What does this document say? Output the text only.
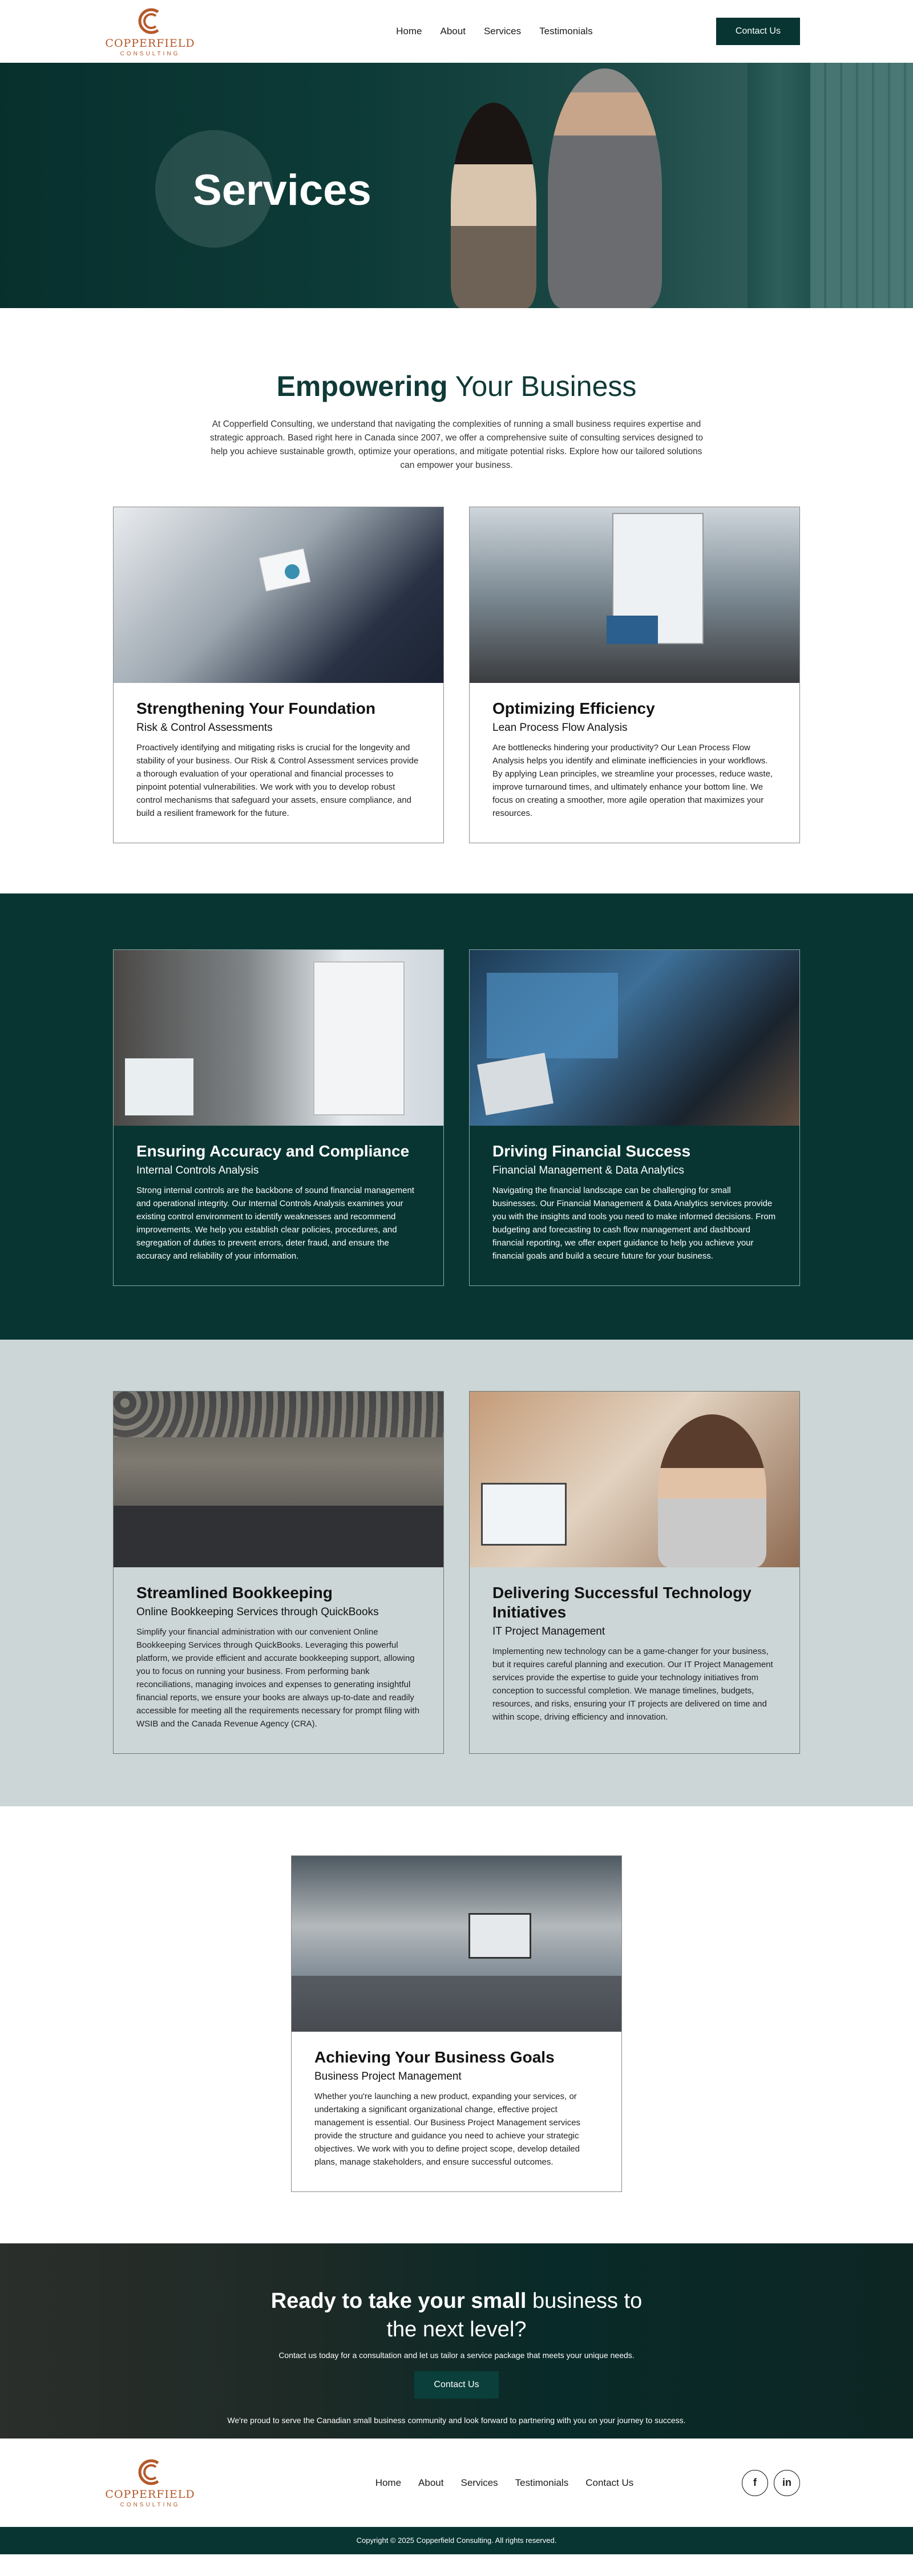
COPPERFIELD
CONSULTING
Home About Services Testimonials	Contact Us
Services
Empowering Your Business

At Copperfield Consulting, we understand that navigating the complexities of running a small business requires expertise and strategic approach. Based right here in Canada since 2007, we offer a comprehensive suite of consulting services designed to help you achieve sustainable growth, optimize your operations, and mitigate potential risks. Explore how our tailored solutions can empower your business.

Strengthening Your Foundation
Risk & Control Assessments

Proactively identifying and mitigating risks is crucial for the longevity and stability of your business. Our Risk & Control Assessment services provide a thorough evaluation of your operational and financial processes to pinpoint potential vulnerabilities. We work with you to develop robust control mechanisms that safeguard your assets, ensure compliance, and build a resilient framework for the future.

Optimizing Efficiency
Lean Process Flow Analysis

Are bottlenecks hindering your productivity? Our Lean Process Flow Analysis helps you identify and eliminate inefficiencies in your workflows. By applying Lean principles, we streamline your processes, reduce waste, improve turnaround times, and ultimately enhance your bottom line. We focus on creating a smoother, more agile operation that maximizes your resources.

Ensuring Accuracy and Compliance
Internal Controls Analysis

Strong internal controls are the backbone of sound financial management and operational integrity. Our Internal Controls Analysis examines your existing control environment to identify weaknesses and recommend improvements. We help you establish clear policies, procedures, and segregation of duties to prevent errors, deter fraud, and ensure the accuracy and reliability of your information.

Driving Financial Success
Financial Management & Data Analytics

Navigating the financial landscape can be challenging for small businesses. Our Financial Management & Data Analytics services provide you with the insights and tools you need to make informed decisions. From budgeting and forecasting to cash flow management and dashboard financial reporting, we offer expert guidance to help you achieve your financial goals and build a secure future for your business.

Streamlined Bookkeeping
Online Bookkeeping Services through QuickBooks

Simplify your financial administration with our convenient Online Bookkeeping Services through QuickBooks. Leveraging this powerful platform, we provide efficient and accurate bookkeeping support, allowing you to focus on running your business. From performing bank reconciliations, managing invoices and expenses to generating insightful financial reports, we ensure your books are always up-to-date and readily accessible for meeting all the requirements necessary for prompt filing with WSIB and the Canada Revenue Agency (CRA).

Delivering Successful Technology Initiatives
IT Project Management

Implementing new technology can be a game-changer for your business, but it requires careful planning and execution. Our IT Project Management services provide the expertise to guide your technology initiatives from conception to successful completion. We manage timelines, budgets, resources, and risks, ensuring your IT projects are delivered on time and within scope, driving efficiency and innovation.

Achieving Your Business Goals
Business Project Management

Whether you're launching a new product, expanding your services, or undertaking a significant organizational change, effective project management is essential. Our Business Project Management services provide the structure and guidance you need to achieve your strategic objectives. We work with you to define project scope, develop detailed plans, manage stakeholders, and ensure successful outcomes.

Ready to take your small business to
the next level?

Contact us today for a consultation and let us tailor a service package that meets your unique needs.

Contact Us

We're proud to serve the Canadian small business community and look forward to partnering with you on your journey to success.

COPPERFIELD
CONSULTING
Home About Services Testimonials Contact Us	f	in
Copyright © 2025 Copperfield Consulting. All rights reserved.
